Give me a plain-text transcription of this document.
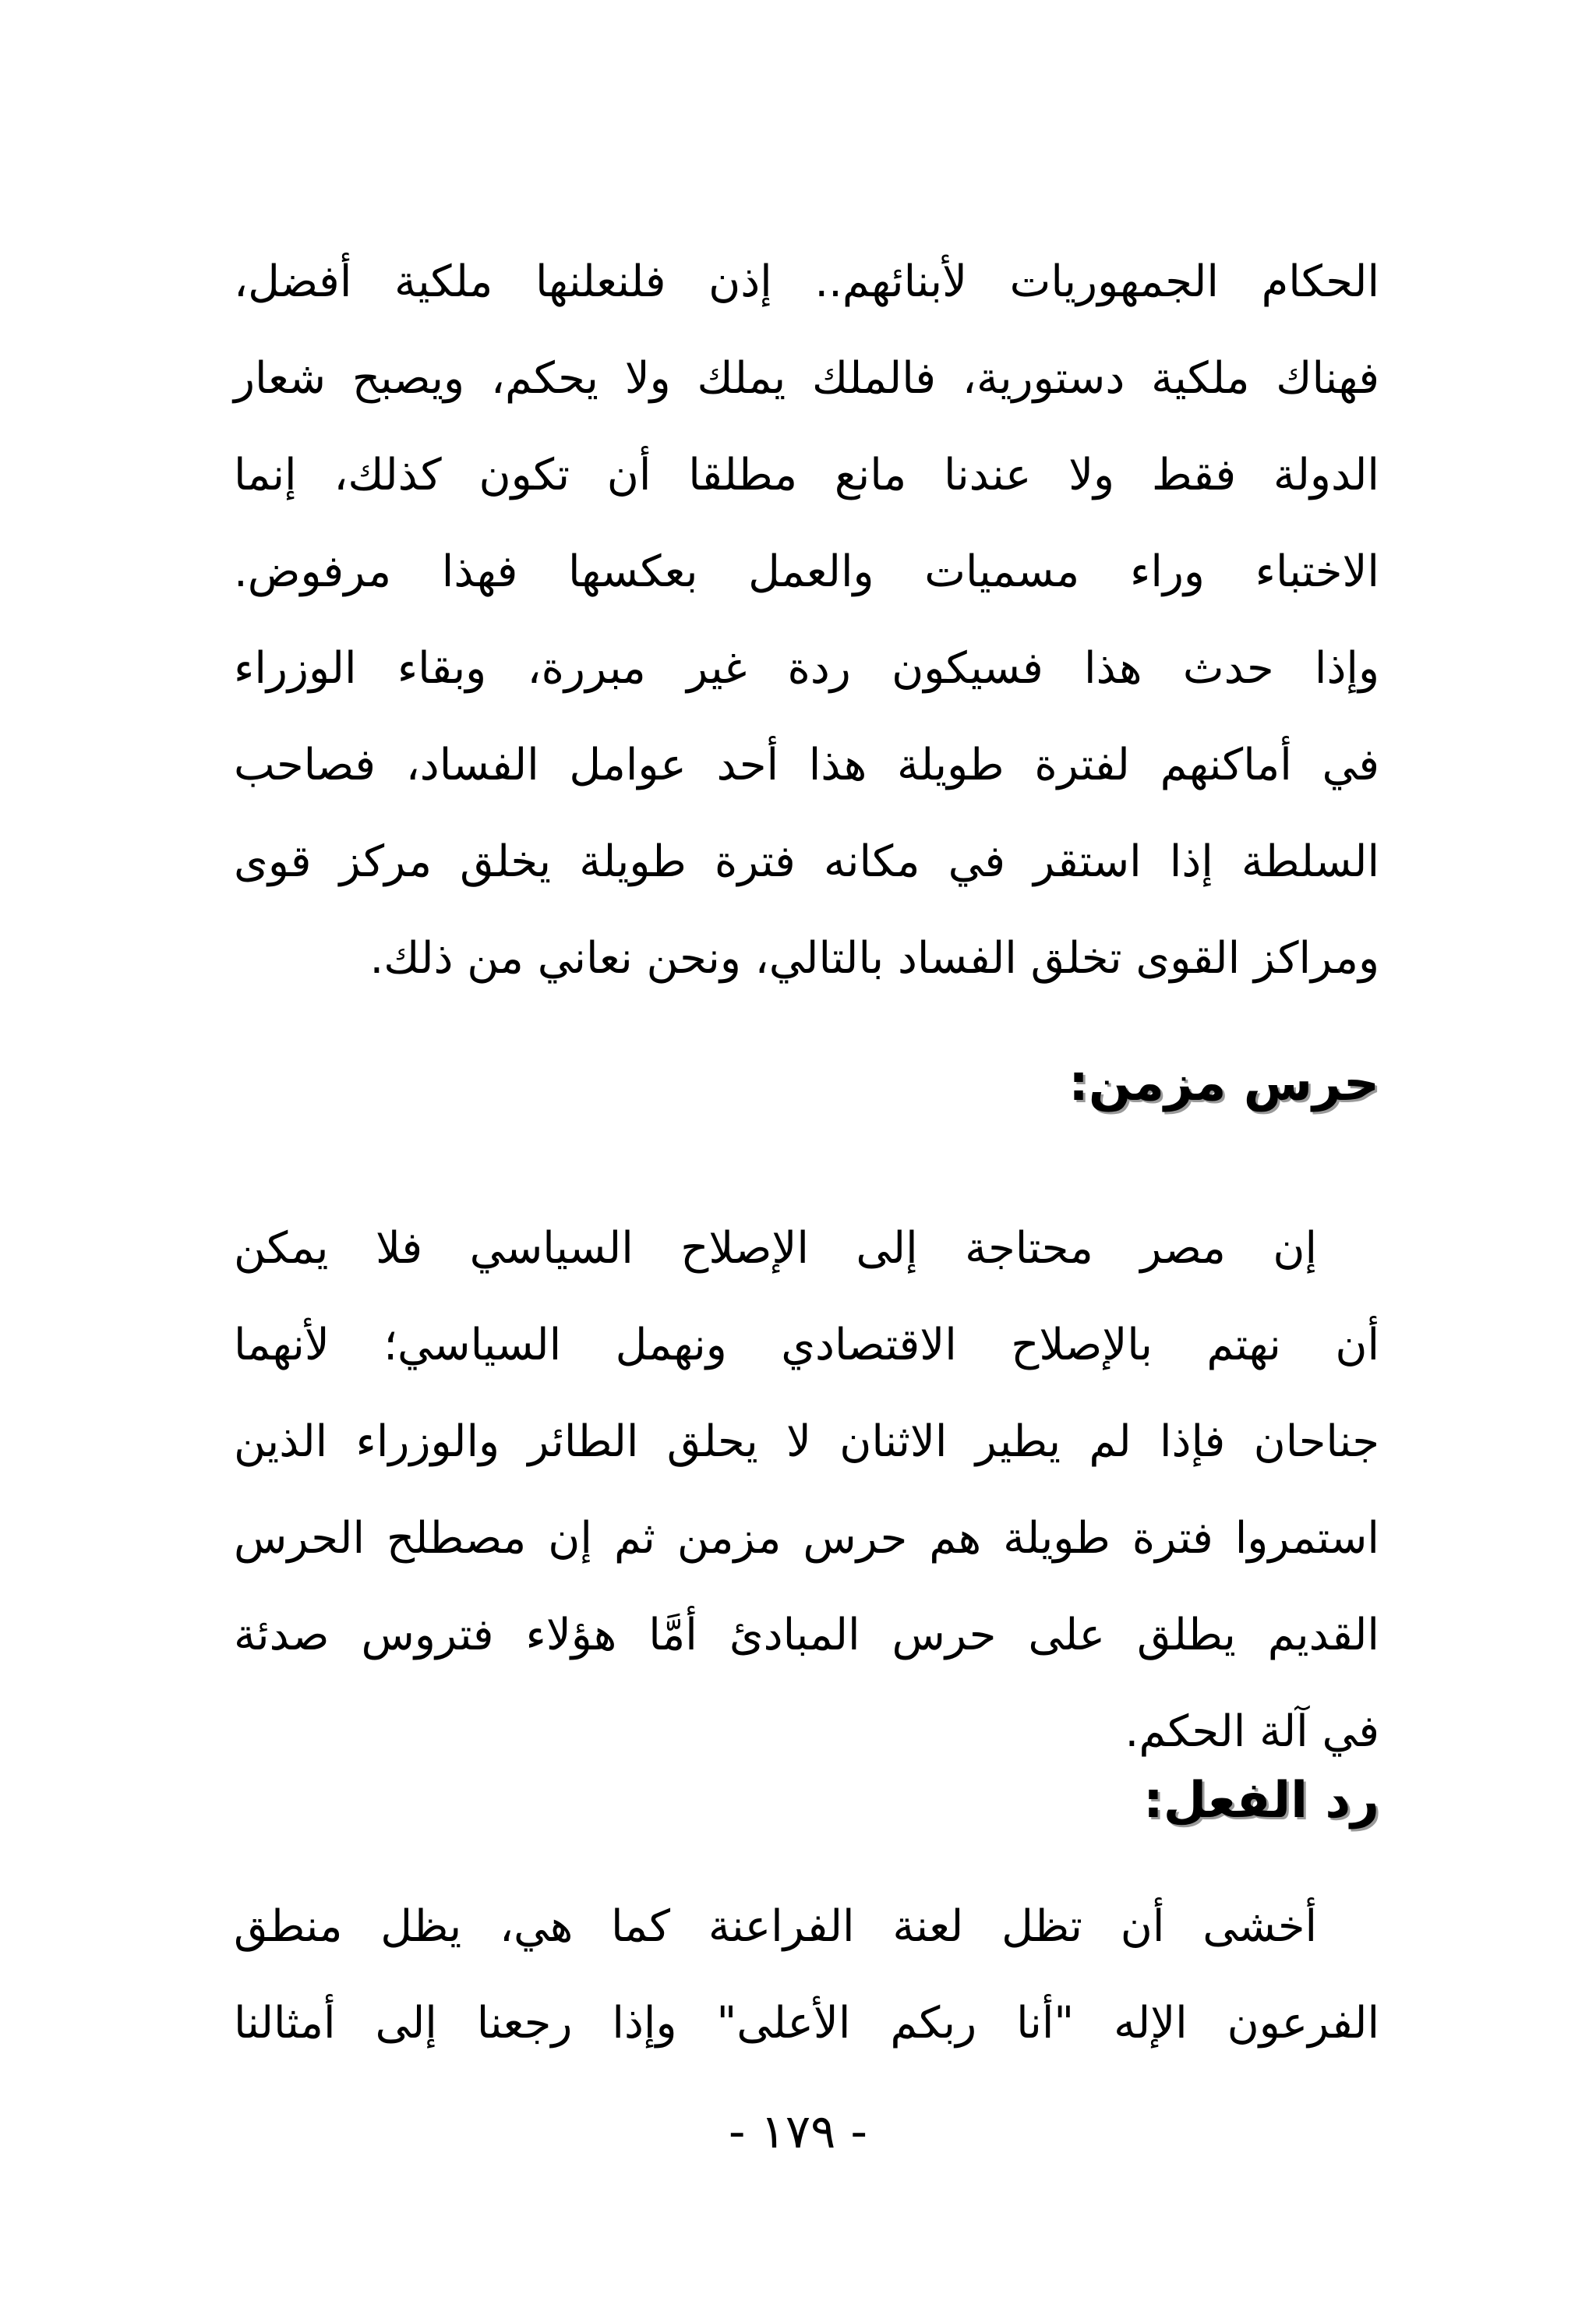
الحكام الجمهوريات لأبنائهم.. إذن فلنعلنها ملكية أفضل،
فهناك ملكية دستورية، فالملك يملك ولا يحكم، ويصبح شعار
الدولة فقط ولا عندنا مانع مطلقا أن تكون كذلك، إنما
الاختباء وراء مسميات والعمل بعكسها فهذا مرفوض.
وإذا حدث هذا فسيكون ردة غير مبررة، وبقاء الوزراء
في أماكنهم لفترة طويلة هذا أحد عوامل الفساد، فصاحب
السلطة إذا استقر في مكانه فترة طويلة يخلق مركز قوى
ومراكز القوى تخلق الفساد بالتالي، ونحن نعاني من ذلك.
حرس مزمن:
إن مصر محتاجة إلى الإصلاح السياسي فلا يمكن
أن نهتم بالإصلاح الاقتصادي ونهمل السياسي؛ لأنهما
جناحان فإذا لم يطير الاثنان لا يحلق الطائر والوزراء الذين
استمروا فترة طويلة هم حرس مزمن ثم إن مصطلح الحرس
القديم يطلق على حرس المبادئ أمَّا هؤلاء فتروس صدئة
في آلة الحكم.
رد الفعل:
أخشى أن تظل لعنة الفراعنة كما هي، يظل منطق
الفرعون الإله "أنا ربكم الأعلى" وإذا رجعنا إلى أمثالنا
- ١٧٩ -
